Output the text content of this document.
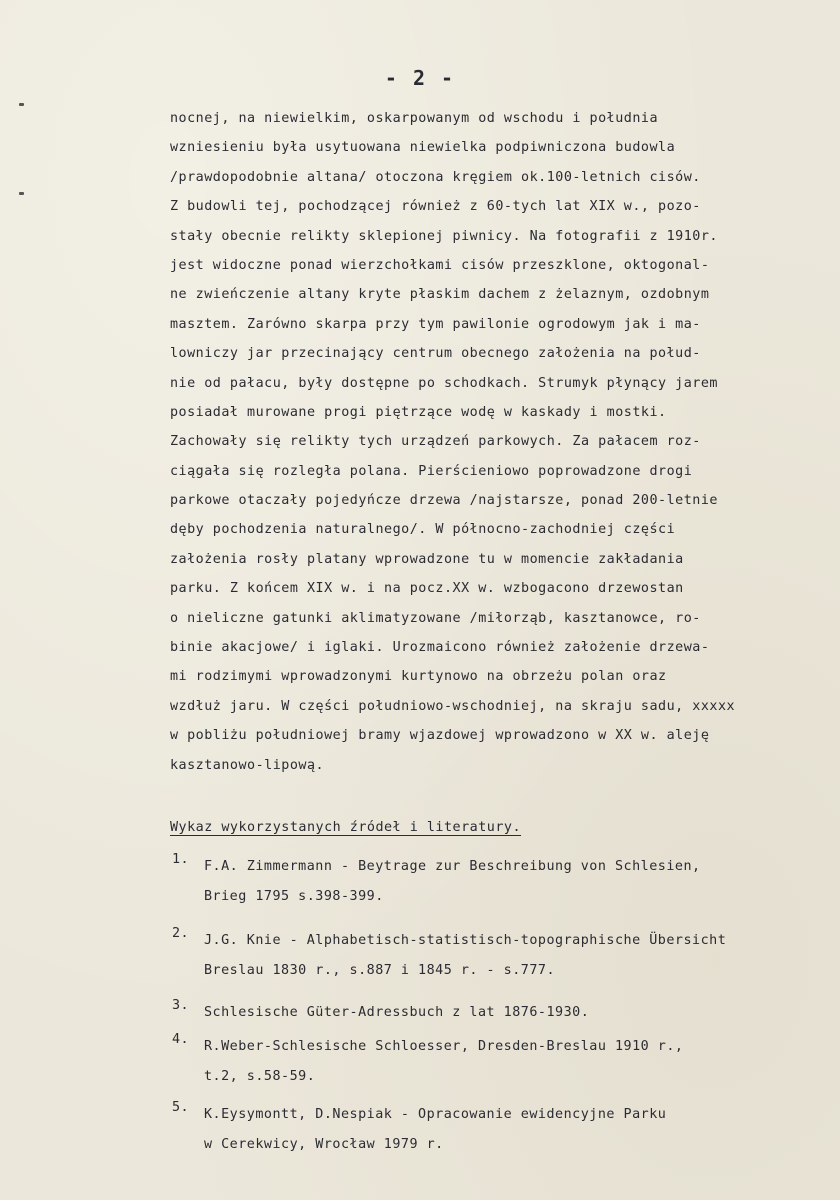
- 2 -
nocnej, na niewielkim, oskarpowanym od wschodu i południa
wzniesieniu była usytuowana niewielka podpiwniczona budowla
/prawdopodobnie altana/ otoczona kręgiem ok.100-letnich cisów.
Z budowli tej, pochodzącej również z 60-tych lat XIX w., pozo-
stały obecnie relikty sklepionej piwnicy. Na fotografii z 1910r.
jest widoczne ponad wierzchołkami cisów przeszklone, oktogonal-
ne zwieńczenie altany kryte płaskim dachem z żelaznym, ozdobnym
masztem. Zarówno skarpa przy tym pawilonie ogrodowym jak i ma-
lowniczy jar przecinający centrum obecnego założenia na połud-
nie od pałacu, były dostępne po schodkach. Strumyk płynący jarem
posiadał murowane progi piętrzące wodę w kaskady i mostki.
Zachowały się relikty tych urządzeń parkowych. Za pałacem roz-
ciągała się rozległa polana. Pierścieniowo poprowadzone drogi
parkowe otaczały pojedyńcze drzewa /najstarsze, ponad 200-letnie
dęby pochodzenia naturalnego/. W północno-zachodniej części
założenia rosły platany wprowadzone tu w momencie zakładania
parku. Z końcem XIX w. i na pocz.XX w. wzbogacono drzewostan
o nieliczne gatunki aklimatyzowane /miłorząb, kasztanowce, ro-
binie akacjowe/ i iglaki. Urozmaicono również założenie drzewa-
mi rodzimymi wprowadzonymi kurtynowo na obrzeżu polan oraz
wzdłuż jaru. W części południowo-wschodniej, na skraju sadu, xxxxx
w pobliżu południowej bramy wjazdowej wprowadzono w XX w. aleję
kasztanowo-lipową.
Wykaz wykorzystanych źródeł i literatury.
1. F.A. Zimmermann - Beytrage zur Beschreibung von Schlesien,
Brieg 1795 s.398-399.
2. J.G. Knie - Alphabetisch-statistisch-topographische Übersicht
Breslau 1830 r., s.887 i 1845 r. - s.777.
3. Schlesische Güter-Adressbuch z lat 1876-1930.
4. R.Weber-Schlesische Schloesser, Dresden-Breslau 1910 r.,
t.2, s.58-59.
5. K.Eysymontt, D.Nespiak - Opracowanie ewidencyjne Parku
w Cerekwicy, Wrocław 1979 r.
